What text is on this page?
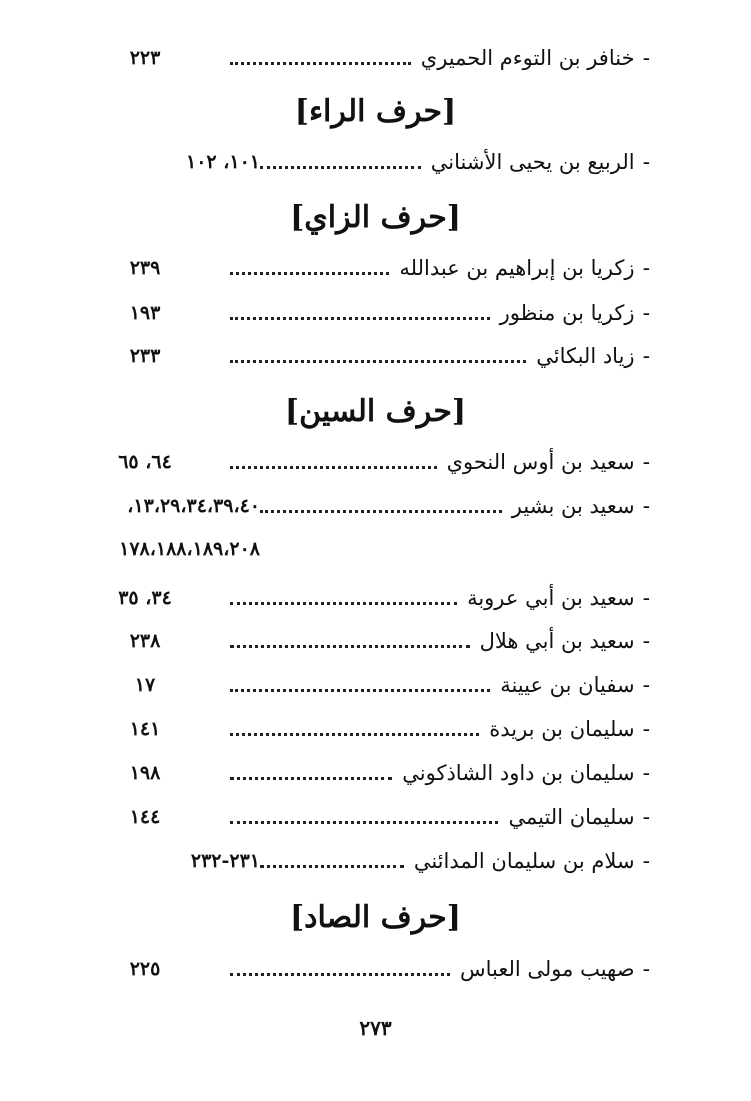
-
خنافر بن التوءم الحميري
٢٢٣
[حرف الراء]
-
الربيع بن يحيى الأشناني
١٠١، ١٠٢
[حرف الزاي]
-
زكريا بن إبراهيم بن عبدالله
٢٣٩
-
زكريا بن منظور
١٩٣
-
زياد البكائي
٢٣٣
[حرف السين]
-
سعيد بن أوس النحوي
٦٤، ٦٥
-
سعيد بن بشير
١٣،٢٩،٣٤،٣٩،٤٠،
١٧٨،١٨٨،١٨٩،٢٠٨
-
سعيد بن أبي عروبة
٣٤، ٣٥
-
سعيد بن أبي هلال
٢٣٨
-
سفيان بن عيينة
١٧
-
سليمان بن بريدة
١٤١
-
سليمان بن داود الشاذكوني
١٩٨
-
سليمان التيمي
١٤٤
-
سلام بن سليمان المدائني
٢٣١-٢٣٢
[حرف الصاد]
-
صهيب مولى العباس
٢٢٥
٢٧٣
